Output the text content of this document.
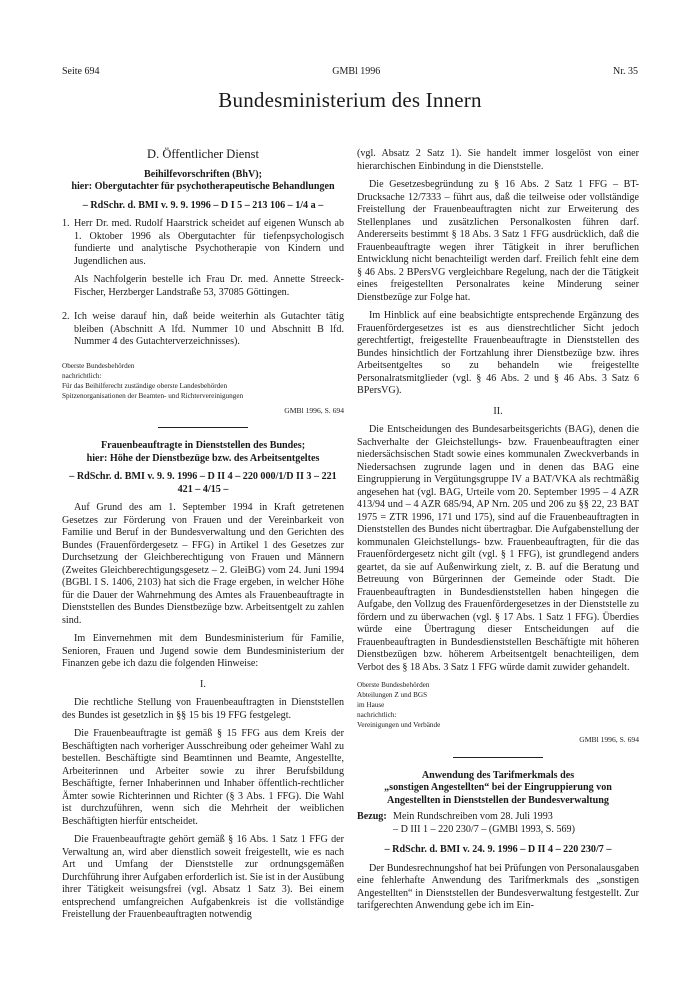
Seite 694	GMBl 1996	Nr. 35
Bundesministerium des Innern
D. Öffentlicher Dienst
Beihilfevorschriften (BhV);
hier: Obergutachter für psychotherapeutische Behandlungen

– RdSchr. d. BMI v. 9. 9. 1996 – D I 5 – 213 106 – 1/4 a –

1. Herr Dr. med. Rudolf Haarstrick scheidet auf eigenen Wunsch ab 1. Oktober 1996 als Obergutachter für tiefenpsychologisch fundierte und analytische Psychotherapie von Kindern und Jugendlichen aus.

Als Nachfolgerin bestelle ich Frau Dr. med. Annette Streeck-Fischer, Herzberger Landstraße 53, 37085 Göttingen.

2. Ich weise darauf hin, daß beide weiterhin als Gutachter tätig bleiben (Abschnitt A lfd. Nummer 10 und Abschnitt B lfd. Nummer 4 des Gutachterverzeichnisses).

Oberste Bundesbehörden

nachrichtlich:

Für das Beihilferecht zuständige oberste Landesbehörden

Spitzenorganisationen der Beamten- und Richtervereinigungen

GMBl 1996, S. 694
Frauenbeauftragte in Dienststellen des Bundes;
hier: Höhe der Dienstbezüge bzw. des Arbeitsentgeltes

– RdSchr. d. BMI v. 9. 9. 1996 – D II 4 – 220 000/1/D II 3 – 221 421 – 4/15 –

Auf Grund des am 1. September 1994 in Kraft getretenen Gesetzes zur Förderung von Frauen und der Vereinbarkeit von Familie und Beruf in der Bundesverwaltung und den Gerichten des Bundes (Frauenfördergesetz – FFG) in Artikel 1 des Gesetzes zur Durchsetzung der Gleichberechtigung von Frauen und Männern (Zweites Gleichberechtigungsgesetz – 2. GleiBG) vom 24. Juni 1994 (BGBl. I S. 1406, 2103) hat sich die Frage ergeben, in welcher Höhe für die Dauer der Wahrnehmung des Amtes als Frauenbeauftragte in Dienststellen des Bundes Dienstbezüge bzw. Arbeitsentgelt zu zahlen sind.

Im Einvernehmen mit dem Bundesministerium für Familie, Senioren, Frauen und Jugend sowie dem Bundesministerium der Finanzen gebe ich dazu die folgenden Hinweise:

I.

Die rechtliche Stellung von Frauenbeauftragten in Dienststellen des Bundes ist gesetzlich in §§ 15 bis 19 FFG festgelegt.

Die Frauenbeauftragte ist gemäß § 15 FFG aus dem Kreis der Beschäftigten nach vorheriger Ausschreibung oder geheimer Wahl zu bestellen. Beschäftigte sind Beamtinnen und Beamte, Angestellte, Arbeiterinnen und Arbeiter sowie zu ihrer Berufsbildung Beschäftigte, ferner Inhaberinnen und Inhaber öffentlich-rechtlicher Ämter sowie Richterinnen und Richter (§ 3 Abs. 1 FFG). Die Wahl ist durchzuführen, wenn sich die Mehrheit der weiblichen Beschäftigten hierfür entscheidet.

Die Frauenbeauftragte gehört gemäß § 16 Abs. 1 Satz 1 FFG der Verwaltung an, wird aber dienstlich soweit freigestellt, wie es nach Art und Umfang der Dienststelle zur ordnungsgemäßen Durchführung ihrer Aufgaben erforderlich ist. Sie ist in der Ausübung ihrer Tätigkeit weisungsfrei (vgl. Absatz 1 Satz 3). Bei einem entsprechend umfangreichen Aufgabenkreis ist die vollständige Freistellung der Frauenbeauftragten notwendig

(vgl. Absatz 2 Satz 1). Sie handelt immer losgelöst von einer hierarchischen Einbindung in die Dienststelle.

Die Gesetzesbegründung zu § 16 Abs. 2 Satz 1 FFG – BT-Drucksache 12/7333 – führt aus, daß die teilweise oder vollständige Freistellung der Frauenbeauftragten nicht zur Erweiterung des Stellenplanes und zusätzlichen Personalkosten führen darf. Andererseits bestimmt § 18 Abs. 3 Satz 1 FFG ausdrücklich, daß die Frauenbeauftragte wegen ihrer Tätigkeit in ihrer beruflichen Entwicklung nicht benachteiligt werden darf. Freilich fehlt eine dem § 46 Abs. 2 BPersVG vergleichbare Regelung, nach der die Tätigkeit eines freigestellten Personalrates keine Minderung seiner Dienstbezüge zur Folge hat.

Im Hinblick auf eine beabsichtigte entsprechende Ergänzung des Frauenfördergesetzes ist es aus dienstrechtlicher Sicht jedoch gerechtfertigt, freigestellte Frauenbeauftragte in Dienststellen des Bundes hinsichtlich der Fortzahlung ihrer Dienstbezüge bzw. ihres Arbeitsentgeltes so zu behandeln wie freigestellte Personalratsmitglieder (vgl. § 46 Abs. 2 und § 46 Abs. 3 Satz 6 BPersVG).

II.

Die Entscheidungen des Bundesarbeitsgerichts (BAG), denen die Sachverhalte der Gleichstellungs- bzw. Frauenbeauftragten einer niedersächsischen Stadt sowie eines kommunalen Zweckverbands in Niedersachsen zugrunde lagen und in denen das BAG eine Eingruppierung in Vergütungsgruppe IV a BAT/VKA als rechtmäßig angesehen hat (vgl. BAG, Urteile vom 20. September 1995 – 4 AZR 413/94 und – 4 AZR 685/94, AP Nrn. 205 und 206 zu §§ 22, 23 BAT 1975 = ZTR 1996, 171 und 175), sind auf die Frauenbeauftragten in Dienststellen des Bundes nicht übertragbar. Die Aufgabenstellung der kommunalen Gleichstellungs- bzw. Frauenbeauftragten, für die das Frauenfördergesetz nicht gilt (vgl. § 1 FFG), ist grundlegend anders geartet, da sie auf Außenwirkung zielt, z. B. auf die Beratung und Betreuung von Bürgerinnen der Gemeinde oder Stadt. Die Frauenbeauftragten in Bundesdienststellen haben hingegen die Aufgabe, den Vollzug des Frauenfördergesetzes in der Dienststelle zu fördern und zu überwachen (vgl. § 17 Abs. 1 Satz 1 FFG). Überdies würde eine Übertragung dieser Entscheidungen auf die Frauenbeauftragten in Bundesdienststellen Beschäftigte mit höheren Dienstbezügen bzw. höherem Arbeitsentgelt benachteiligen, dem Verbot des § 18 Abs. 3 Satz 1 FFG würde damit zuwider gehandelt.

Oberste Bundesbehörden

Abteilungen Z und BGS

im Hause

nachrichtlich:

Vereinigungen und Verbände

GMBl 1996, S. 694
Anwendung des Tarifmerkmals des
„sonstigen Angestellten“ bei der Eingruppierung von
Angestellten in Dienststellen der Bundesverwaltung
Bezug: Mein Rundschreiben vom 28. Juli 1993
– D III 1 – 220 230/7 – (GMBl 1993, S. 569)

– RdSchr. d. BMI v. 24. 9. 1996 – D II 4 – 220 230/7 –

Der Bundesrechnungshof hat bei Prüfungen von Personalausgaben eine fehlerhafte Anwendung des Tarifmerkmals des „sonstigen Angestellten“ in Dienststellen der Bundesverwaltung festgestellt. Zur tarifgerechten Anwendung gebe ich im Ein-
